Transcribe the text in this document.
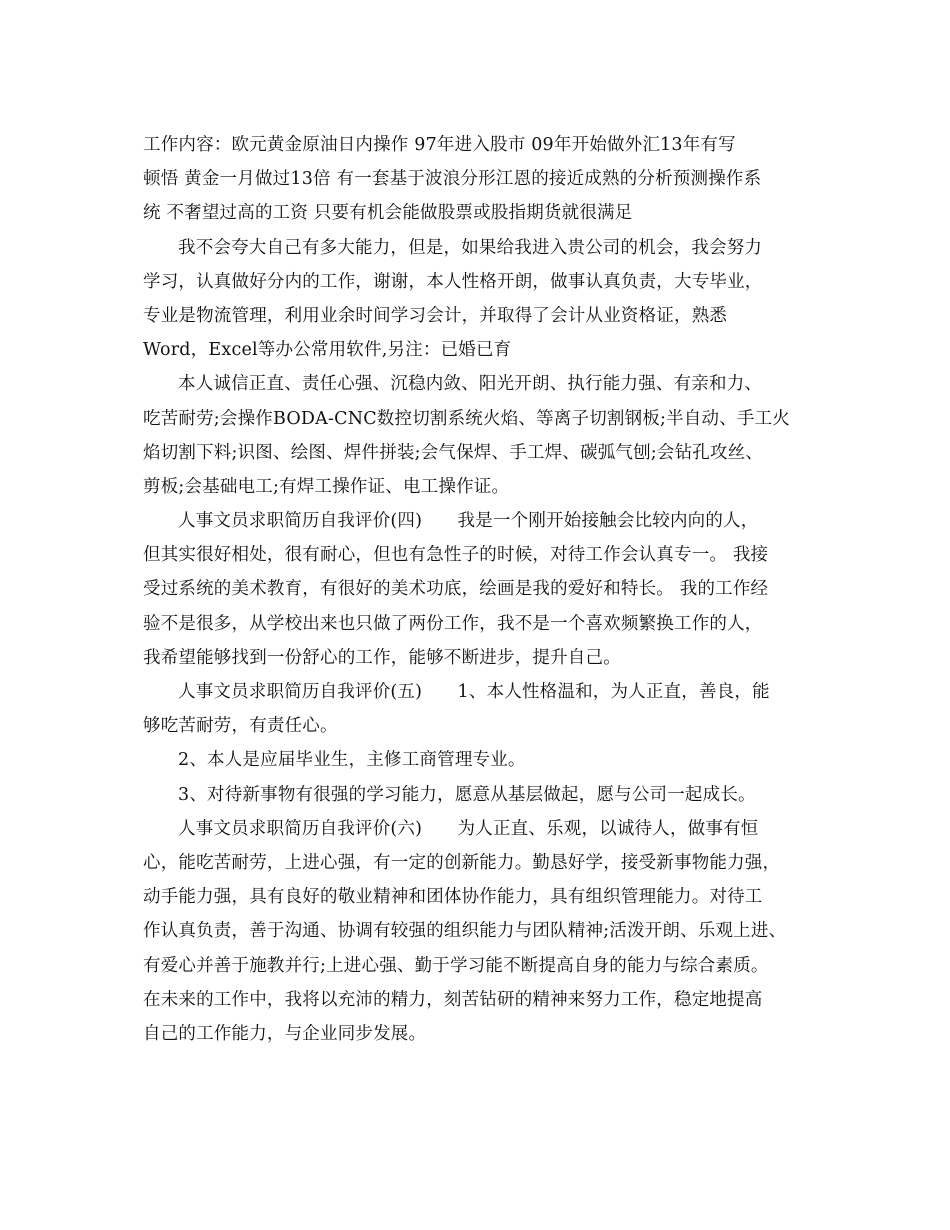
工作内容：欧元黄金原油日内操作 97年进入股市 09年开始做外汇13年有写
顿悟 黄金一月做过13倍 有一套基于波浪分形江恩的接近成熟的分析预测操作系
统 不奢望过高的工资 只要有机会能做股票或股指期货就很满足
我不会夸大自己有多大能力，但是，如果给我进入贵公司的机会，我会努力
学习，认真做好分内的工作，谢谢，本人性格开朗，做事认真负责，大专毕业，
专业是物流管理，利用业余时间学习会计，并取得了会计从业资格证，熟悉
Word，Excel等办公常用软件,另注：已婚已育
本人诚信正直、责任心强、沉稳内敛、阳光开朗、执行能力强、有亲和力、
吃苦耐劳;会操作BODA-CNC数控切割系统火焰、等离子切割钢板;半自动、手工火
焰切割下料;识图、绘图、焊件拼装;会气保焊、手工焊、碳弧气刨;会钻孔攻丝、
剪板;会基础电工;有焊工操作证、电工操作证。
人事文员求职简历自我评价(四)　　我是一个刚开始接触会比较内向的人，
但其实很好相处，很有耐心，但也有急性子的时候，对待工作会认真专一。 我接
受过系统的美术教育，有很好的美术功底，绘画是我的爱好和特长。 我的工作经
验不是很多，从学校出来也只做了两份工作，我不是一个喜欢频繁换工作的人，
我希望能够找到一份舒心的工作，能够不断进步，提升自己。
人事文员求职简历自我评价(五)　　1、本人性格温和，为人正直，善良，能
够吃苦耐劳，有责任心。
2、本人是应届毕业生，主修工商管理专业。
3、对待新事物有很强的学习能力，愿意从基层做起，愿与公司一起成长。
人事文员求职简历自我评价(六)　　为人正直、乐观，以诚待人，做事有恒
心，能吃苦耐劳，上进心强，有一定的创新能力。勤恳好学，接受新事物能力强，
动手能力强，具有良好的敬业精神和团体协作能力，具有组织管理能力。对待工
作认真负责，善于沟通、协调有较强的组织能力与团队精神;活泼开朗、乐观上进、
有爱心并善于施教并行;上进心强、勤于学习能不断提高自身的能力与综合素质。
在未来的工作中，我将以充沛的精力，刻苦钻研的精神来努力工作，稳定地提高
自己的工作能力，与企业同步发展。
